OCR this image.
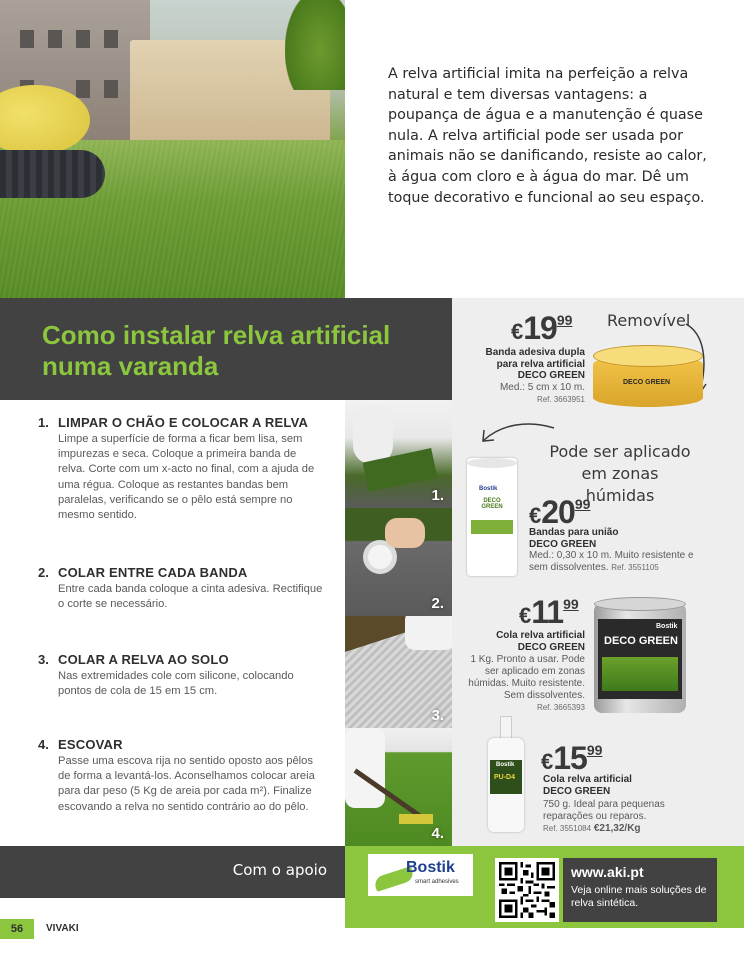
A relva artificial imita na perfeição a relva natural e tem diversas vantagens: a poupança de água e a manutenção é quase nula. A relva artificial pode ser usada por animais não se danificando, resiste ao calor, à água com cloro e à água do mar. Dê um toque decorativo e funcional ao seu espaço.
Como instalar relva artificial numa varanda
1. LIMPAR O CHÃO E COLOCAR A RELVA
Limpe a superfície de forma a ficar bem lisa, sem impurezas e seca. Coloque a primeira banda de relva. Corte com um x-acto no final, com a ajuda de uma régua. Coloque as restantes bandas bem paralelas, verificando se o pêlo está sempre no mesmo sentido.
2. COLAR ENTRE CADA BANDA
Entre cada banda coloque a cinta adesiva. Rectifique o corte se necessário.
3. COLAR A RELVA AO SOLO
Nas extremidades cole com silicone, colocando pontos de cola de 15 em 15 cm.
4. ESCOVAR
Passe uma escova rija no sentido oposto aos pêlos de forma a levantá-los. Aconselhamos colocar areia para dar peso (5 Kg de areia por cada m²). Finalize escovando a relva no sentido contrário ao do pêlo.
1.
2.
3.
4.
Removível
Pode ser aplicado em zonas húmidas
€1999
Banda adesiva dupla
para relva artificial
DECO GREEN
Med.: 5 cm x 10 m.
Ref. 3663951
DECO GREEN
Bostik
DECO GREEN €2099
Bandas para união
DECO GREEN
Med.: 0,30 x 10 m. Muito resistente e sem dissolventes. Ref. 3551105
€1199
Cola relva artificial
DECO GREEN
1 Kg. Pronto a usar. Pode ser aplicado em zonas húmidas. Muito resistente. Sem dissolventes.
Ref. 3665393
Bostik
DECO GREEN
Bostik
PU-D4
€1599
Cola relva artificial
DECO GREEN
750 g. Ideal para pequenas reparações ou reparos.
Ref. 3551084 €21,32/Kg
Com o apoio	Bostik
smart adhesives
www.aki.pt
Veja online mais soluções de relva sintética.
56	VIVAKI
